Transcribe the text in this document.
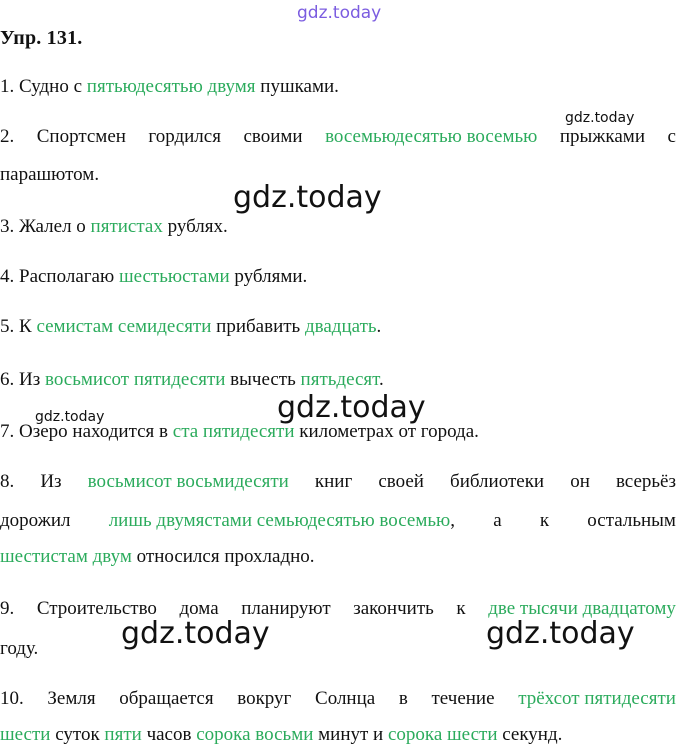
Упр. 131.
1. Судно с пятьюдесятью двумя пушками.
2. Спортсмен гордился своими восемьюдесятью восемью прыжками с
парашютом.
3. Жалел о пятистах рублях.
4. Располагаю шестьюстами рублями.
5. К семистам семидесяти прибавить двадцать.
6. Из восьмисот пятидесяти вычесть пятьдесят.
7. Озеро находится в ста пятидесяти километрах от города.
8. Из восьмисот восьмидесяти книг своей библиотеки он всерьёз
дорожил лишь двумястами семьюдесятью восемью, а к остальным
шестистам двум относился прохладно.
9. Строительство дома планируют закончить к две тысячи двадцатому
году.
10. Земля обращается вокруг Солнца в течение трёхсот пятидесяти
шести суток пяти часов сорока восьми минут и сорока шести секунд.
gdz.today
gdz.today
gdz.today
gdz.today	gdz.today
gdz.today	gdz.today
